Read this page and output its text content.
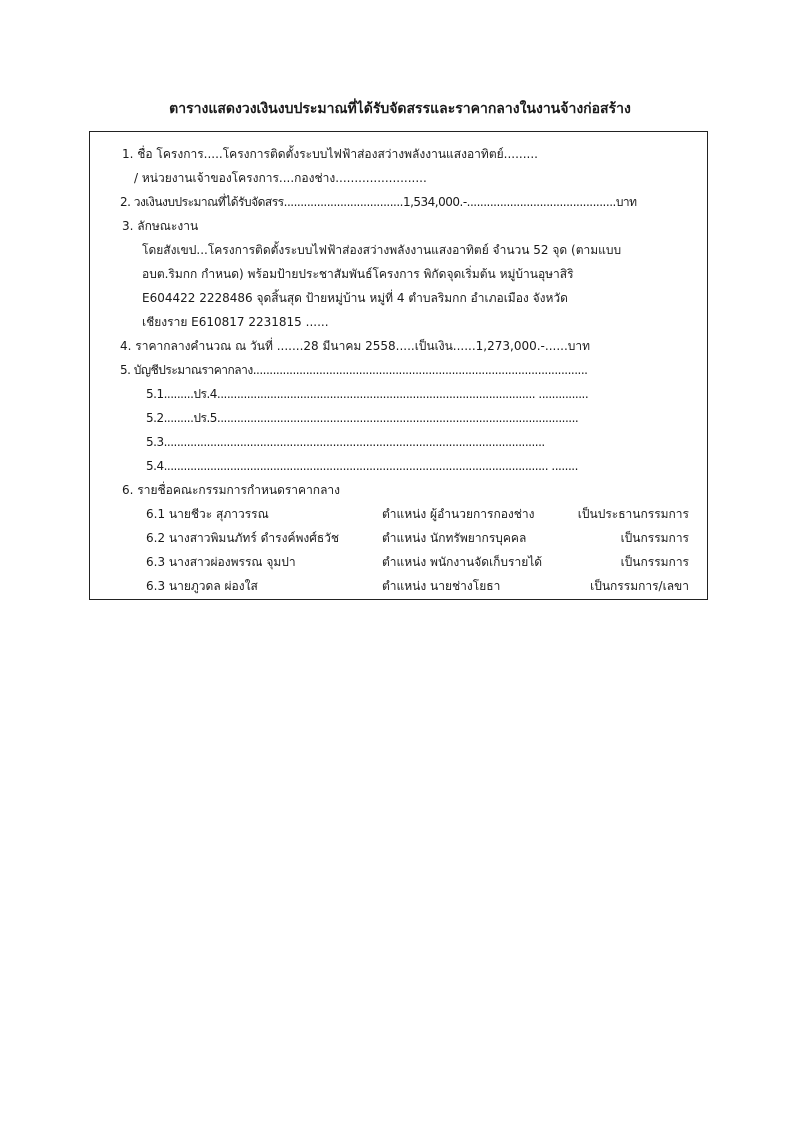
ตารางแสดงวงเงินงบประมาณที่ได้รับจัดสรรและราคากลางในงานจ้างก่อสร้าง
1. ชื่อ โครงการ.....โครงการติดตั้งระบบไฟฟ้าส่องสว่างพลังงานแสงอาทิตย์.........
/ หน่วยงานเจ้าของโครงการ....กองช่าง........................
2. วงเงินงบประมาณที่ได้รับจัดสรร....................................1,534,000.-.............................................บาท
3. ลักษณะงาน
โดยสังเขป...โครงการติดตั้งระบบไฟฟ้าส่องสว่างพลังงานแสงอาทิตย์ จำนวน 52 จุด (ตามแบบ
อบต.ริมกก กำหนด) พร้อมป้ายประชาสัมพันธ์โครงการ พิกัดจุดเริ่มต้น หมู่บ้านอุษาสิริ
E604422 2228486 จุดสิ้นสุด ป้ายหมู่บ้าน หมู่ที่ 4 ตำบลริมกก อำเภอเมือง จังหวัด
เชียงราย E610817 2231815 ......
4. ราคากลางคำนวณ ณ วันที่ .......28 มีนาคม 2558.....เป็นเงิน......1,273,000.-......บาท
5. บัญชีประมาณราคากลาง.....................................................................................................
5.1.........ปร.4................................................................................................ ...............
5.2.........ปร.5.............................................................................................................
5.3...................................................................................................................
5.4.................................................................................................................... ........
6. รายชื่อคณะกรรมการกำหนดราคากลาง
6.1 นายชีวะ สุภาวรรณ	ตำแหน่ง ผู้อำนวยการกองช่าง	เป็นประธานกรรมการ
6.2 นางสาวพิมนภัทร์ ดำรงค์พงศ์ธวัช	ตำแหน่ง นักทรัพยากรบุคคล	เป็นกรรมการ
6.3 นางสาวผ่องพรรณ จุมปา	ตำแหน่ง พนักงานจัดเก็บรายได้	เป็นกรรมการ
6.3 นายภูวดล ผ่องใส	ตำแหน่ง นายช่างโยธา	เป็นกรรมการ/เลขา
